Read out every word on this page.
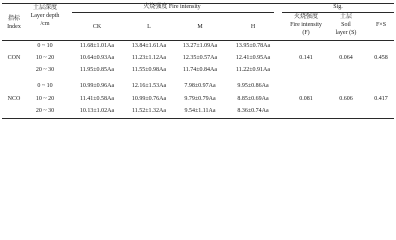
指标
Index
土层深度
Layer depth
/cm
火烧强度 Fire intensity
CK	L	M	H
Sig.
火烧强度
Fire intensity
(F)
土层
Soil
layer (S)
F×S
CON
0 ~ 10	11.68±1.01Aa	13.84±1.61Aa	13.27±1.09Aa	13.95±0.78Aa
10 ~ 20	10.64±0.93Aa	11.23±1.12Aa	12.35±0.57Aa	12.41±0.95Aa
20 ~ 30	11.95±0.85Aa	11.55±0.98Aa	11.74±0.84Aa	11.22±0.91Aa
0.141	0.064	0.458
NCO
0 ~ 10	10.99±0.96Aa	12.16±1.53Aa	7.98±0.97Aa	9.95±0.86Aa
10 ~ 20	11.41±0.58Aa	10.99±0.76Aa	9.79±0.79Aa	8.85±0.69Aa
20 ~ 30	10.13±1.02Aa	11.52±1.32Aa	9.54±1.11Aa	8.36±0.74Aa
0.081	0.606	0.417
